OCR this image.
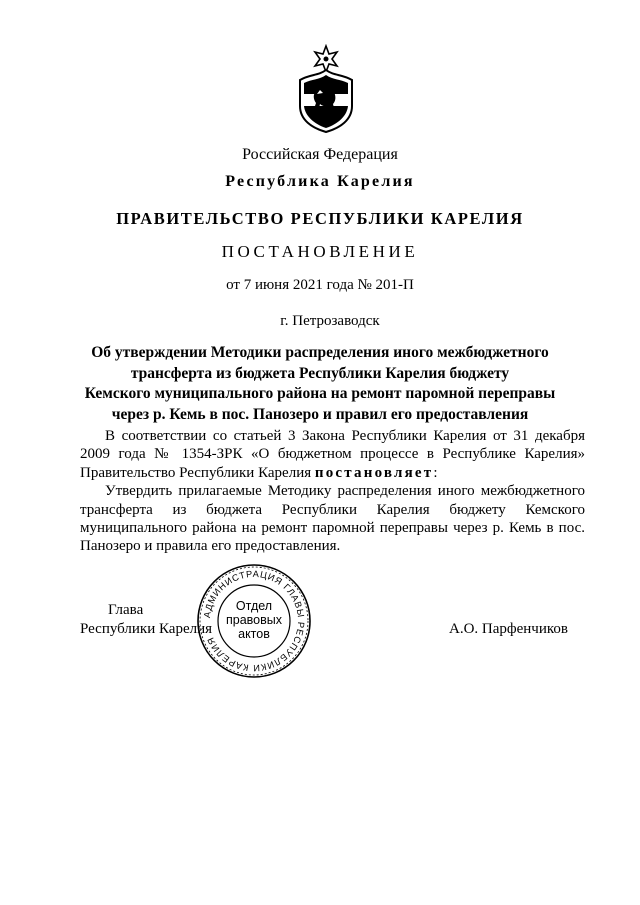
Российская Федерация
Республика Карелия
ПРАВИТЕЛЬСТВО РЕСПУБЛИКИ КАРЕЛИЯ
ПОСТАНОВЛЕНИЕ
от 7 июня 2021 года № 201-П
г. Петрозаводск
Об утверждении Методики распределения иного межбюджетного
трансферта из бюджета Республики Карелия бюджету
Кемского муниципального района на ремонт паромной переправы
через р. Кемь в пос. Панозеро и правил его предоставления

В соответствии со статьей 3 Закона Республики Карелия от 31 декабря 2009 года № 1354-ЗРК «О бюджетном процессе в Республике Карелия» Правительство Республики Карелия постановляет:

Утвердить прилагаемые Методику распределения иного межбюджетного трансферта из бюджета Республики Карелия бюджету Кемского муниципального района на ремонт паромной переправы через р. Кемь в пос. Панозеро и правила его предоставления.

Глава
Республики Карелия	А.О. Парфенчиков
АДМИНИСТРАЦИЯ ГЛАВЫ РЕСПУБЛИКИ КАРЕЛИЯ
Отдел
правовых
актов
